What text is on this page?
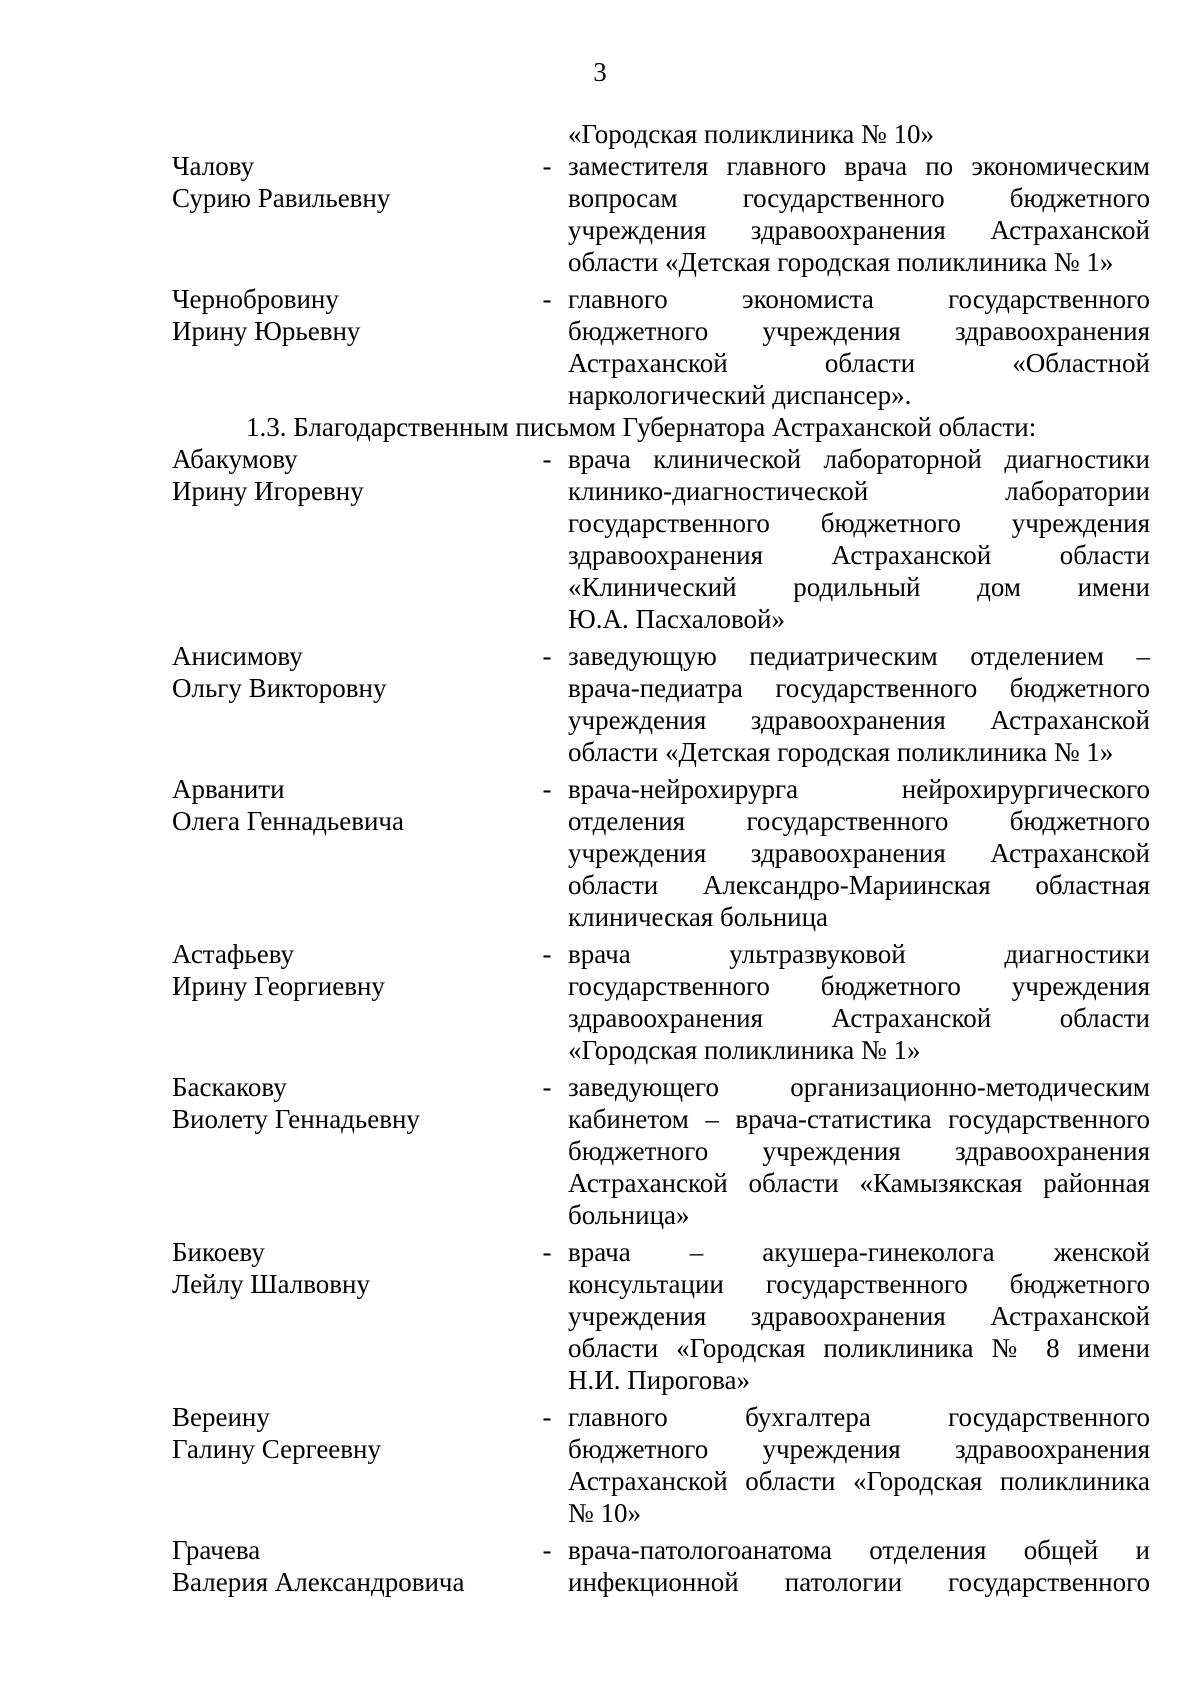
3
«Городская поликлиника № 10»
Чалову
Сурию Равильевну
- заместителя главного врача по экономическим
вопросам государственного бюджетного
учреждения здравоохранения Астраханской
области «Детская городская поликлиника № 1»
Чернобровину
Ирину Юрьевну
- главного экономиста государственного
бюджетного учреждения здравоохранения
Астраханской области «Областной
наркологический диспансер».
1.3. Благодарственным письмом Губернатора Астраханской области:
Абакумову
Ирину Игоревну
- врача клинической лабораторной диагностики
клинико-диагностической лаборатории
государственного бюджетного учреждения
здравоохранения Астраханской области
«Клинический родильный дом имени
Ю.А. Пасхаловой»
Анисимову
Ольгу Викторовну
- заведующую педиатрическим отделением –
врача-педиатра государственного бюджетного
учреждения здравоохранения Астраханской
области «Детская городская поликлиника № 1»
Арванити
Олега Геннадьевича
- врача-нейрохирурга нейрохирургического
отделения государственного бюджетного
учреждения здравоохранения Астраханской
области Александро-Мариинская областная
клиническая больница
Астафьеву
Ирину Георгиевну
- врача ультразвуковой диагностики
государственного бюджетного учреждения
здравоохранения Астраханской области
«Городская поликлиника № 1»
Баскакову
Виолету Геннадьевну
- заведующего организационно-методическим
кабинетом – врача-статистика государственного
бюджетного учреждения здравоохранения
Астраханской области «Камызякская районная
больница»
Бикоеву
Лейлу Шалвовну
- врача – акушера-гинеколога женской
консультации государственного бюджетного
учреждения здравоохранения Астраханской
области «Городская поликлиника № 8 имени
Н.И. Пирогова»
Вереину
Галину Сергеевну
- главного бухгалтера государственного
бюджетного учреждения здравоохранения
Астраханской области «Городская поликлиника
№ 10»
Грачева
Валерия Александровича
- врача-патологоанатома отделения общей и
инфекционной патологии государственного
